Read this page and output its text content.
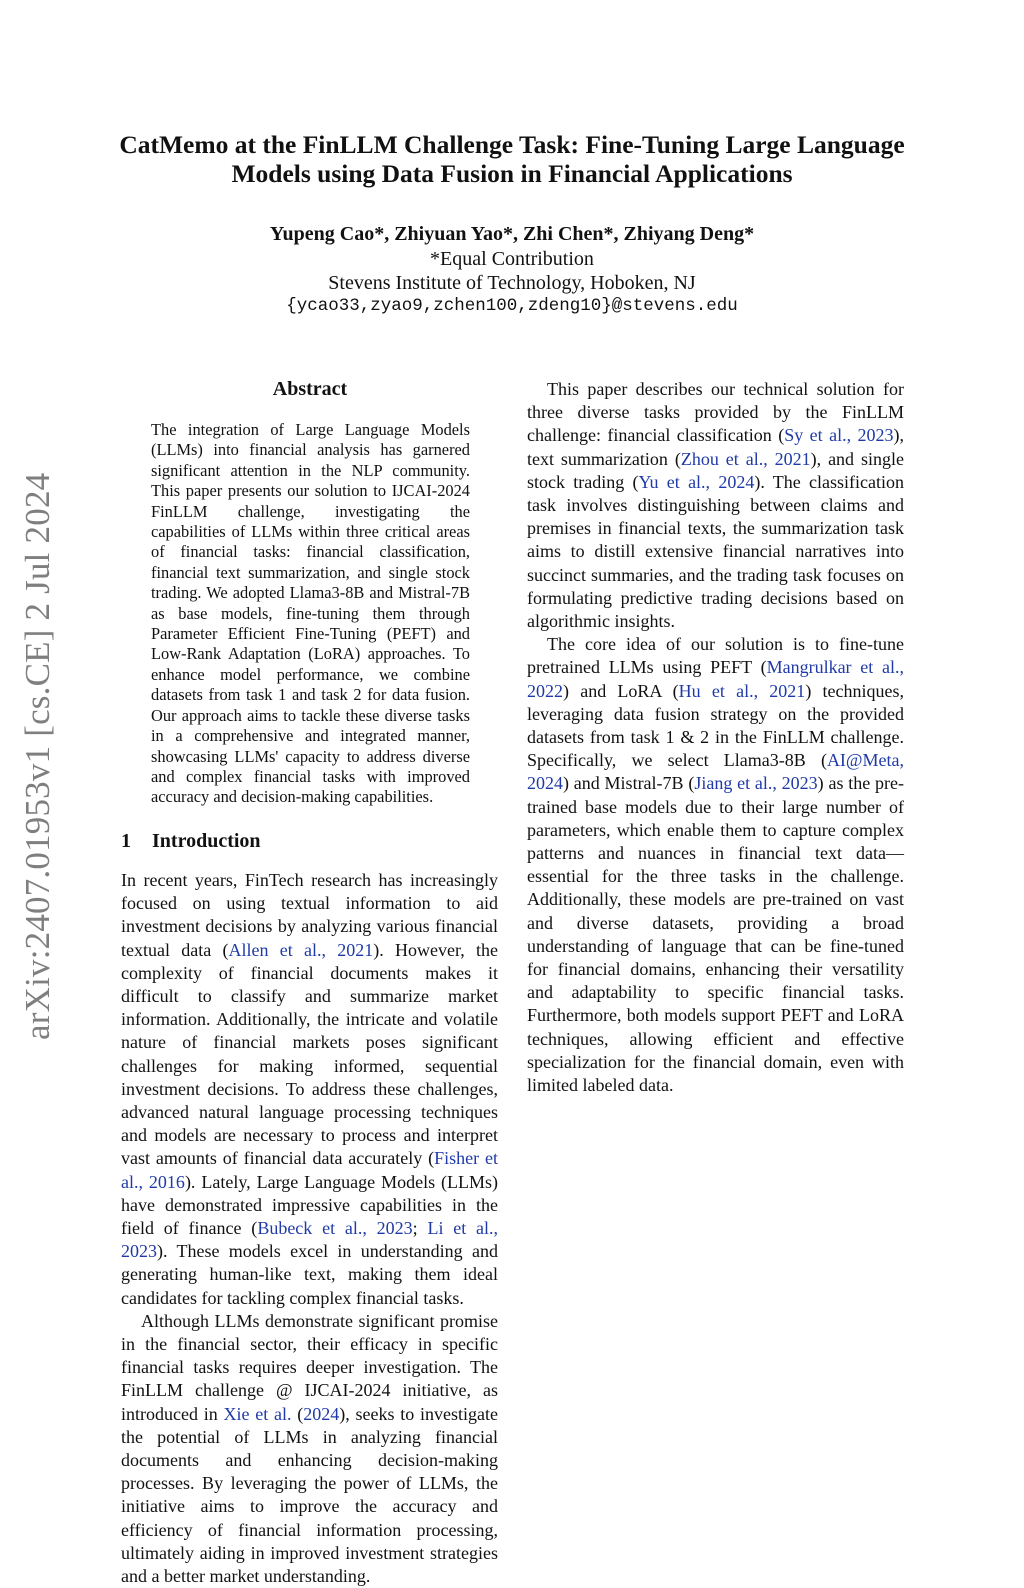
arXiv:2407.01953v1 [cs.CE] 2 Jul 2024
CatMemo at the FinLLM Challenge Task: Fine-Tuning Large Language
Models using Data Fusion in Financial Applications
Yupeng Cao*, Zhiyuan Yao*, Zhi Chen*, Zhiyang Deng*
*Equal Contribution
Stevens Institute of Technology, Hoboken, NJ
{ycao33,zyao9,zchen100,zdeng10}@stevens.edu
Abstract
The integration of Large Language Models (LLMs) into financial analysis has garnered significant attention in the NLP community. This paper presents our solution to IJCAI-2024 FinLLM challenge, investigating the capabilities of LLMs within three critical areas of financial tasks: financial classification, financial text summarization, and single stock trading. We adopted Llama3-8B and Mistral-7B as base models, fine-tuning them through Parameter Efficient Fine-Tuning (PEFT) and Low-Rank Adaptation (LoRA) approaches. To enhance model performance, we combine datasets from task 1 and task 2 for data fusion. Our approach aims to tackle these diverse tasks in a comprehensive and integrated manner, showcasing LLMs' capacity to address diverse and complex financial tasks with improved accuracy and decision-making capabilities.
1 Introduction

In recent years, FinTech research has increasingly focused on using textual information to aid investment decisions by analyzing various financial textual data (Allen et al., 2021). However, the complexity of financial documents makes it difficult to classify and summarize market information. Additionally, the intricate and volatile nature of financial markets poses significant challenges for making informed, sequential investment decisions. To address these challenges, advanced natural language processing techniques and models are necessary to process and interpret vast amounts of financial data accurately (Fisher et al., 2016). Lately, Large Language Models (LLMs) have demonstrated impressive capabilities in the field of finance (Bubeck et al., 2023; Li et al., 2023). These models excel in understanding and generating human-like text, making them ideal candidates for tackling complex financial tasks.

Although LLMs demonstrate significant promise in the financial sector, their efficacy in specific financial tasks requires deeper investigation. The FinLLM challenge @ IJCAI-2024 initiative, as introduced in Xie et al. (2024), seeks to investigate the potential of LLMs in analyzing financial documents and enhancing decision-making processes. By leveraging the power of LLMs, the initiative aims to improve the accuracy and efficiency of financial information processing, ultimately aiding in improved investment strategies and a better market understanding.

This paper describes our technical solution for three diverse tasks provided by the FinLLM challenge: financial classification (Sy et al., 2023), text summarization (Zhou et al., 2021), and single stock trading (Yu et al., 2024). The classification task involves distinguishing between claims and premises in financial texts, the summarization task aims to distill extensive financial narratives into succinct summaries, and the trading task focuses on formulating predictive trading decisions based on algorithmic insights.

The core idea of our solution is to fine-tune pretrained LLMs using PEFT (Mangrulkar et al., 2022) and LoRA (Hu et al., 2021) techniques, leveraging data fusion strategy on the provided datasets from task 1 & 2 in the FinLLM challenge. Specifically, we select Llama3-8B (AI@Meta, 2024) and Mistral-7B (Jiang et al., 2023) as the pre-trained base models due to their large number of parameters, which enable them to capture complex patterns and nuances in financial text data—essential for the three tasks in the challenge. Additionally, these models are pre-trained on vast and diverse datasets, providing a broad understanding of language that can be fine-tuned for financial domains, enhancing their versatility and adaptability to specific financial tasks. Furthermore, both models support PEFT and LoRA techniques, allowing efficient and effective specialization for the financial domain, even with limited labeled data.
